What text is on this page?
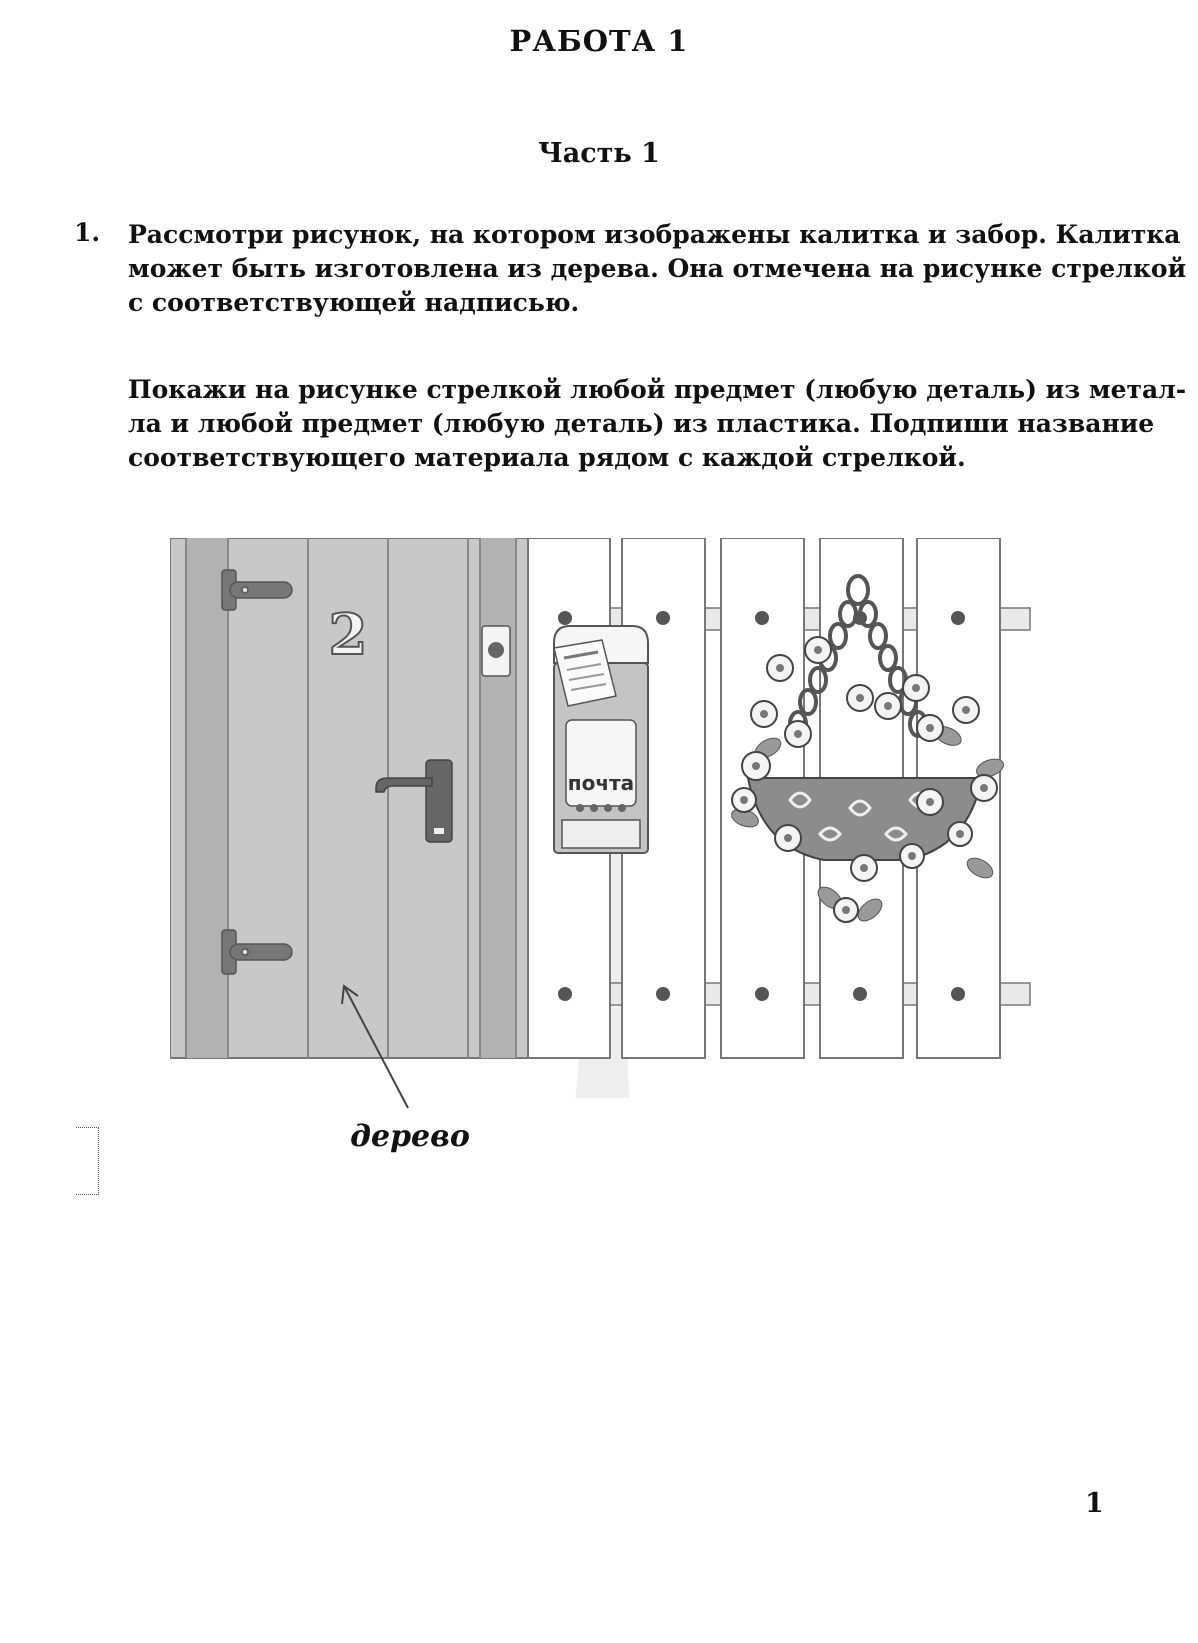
РАБОТА 1
Часть 1
1. Рассмотри рисунок, на котором изображены калитка и забор. Калитка
может быть изготовлена из дерева. Она отмечена на рисунке стрелкой
с соответствующей надписью.
Покажи на рисунке стрелкой любой предмет (любую деталь) из метал-
ла и любой предмет (любую деталь) из пластика. Подпиши название
соответствующего материала рядом с каждой стрелкой.
2
почта
дерево
1
